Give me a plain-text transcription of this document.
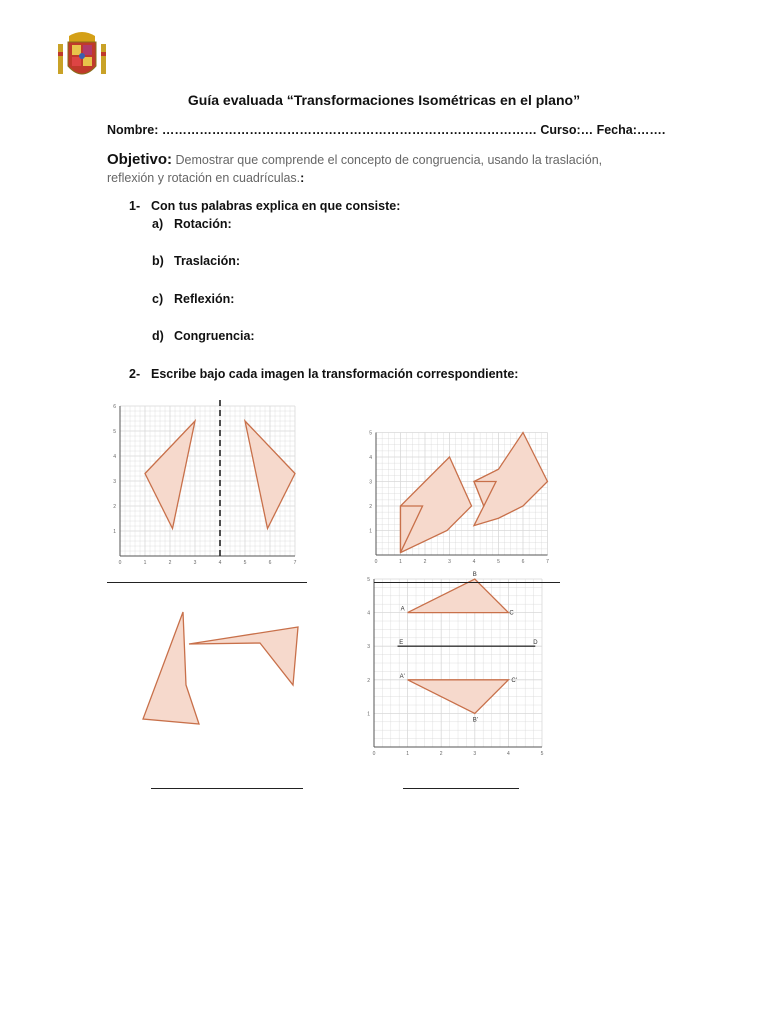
Guía evaluada “Transformaciones Isométricas en el plano”
Nombre: ……………………………………………………………………………… Curso:… Fecha:…….
Objetivo: Demostrar que comprende el concepto de congruencia, usando la traslación, reflexión y rotación en cuadrículas.:
1- Con tus palabras explica en que consiste:
a) Rotación:
b) Traslación:
c) Reflexión:
d) Congruencia:
2- Escribe bajo cada imagen la transformación correspondiente:
0	1	2	3	4	5	6	7
1
2
3
4
5
6
0	1	2	3	4	5	6	7
1
2
3
4
5
0	1	2	3	4	5
1
2
3
4
5
A
B
C
E	D
A'
B'
C'
